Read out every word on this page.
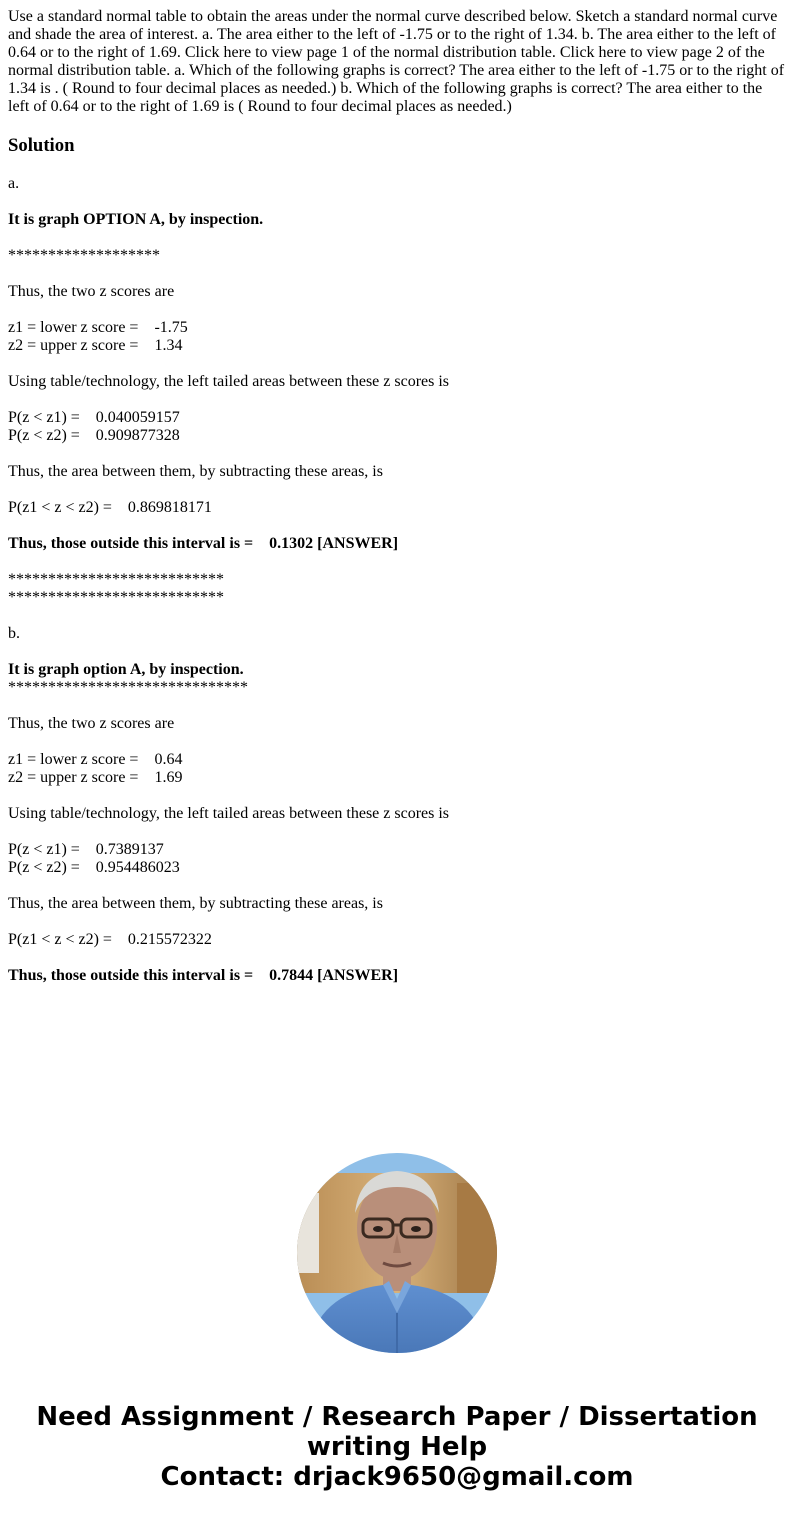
Use a standard normal table to obtain the areas under the normal curve described below. Sketch a standard normal curve and shade the area of interest. a. The area either to the left of -1.75 or to the right of 1.34. b. The area either to the left of 0.64 or to the right of 1.69. Click here to view page 1 of the normal distribution table. Click here to view page 2 of the normal distribution table. a. Which of the following graphs is correct? The area either to the left of -1.75 or to the right of 1.34 is . ( Round to four decimal places as needed.) b. Which of the following graphs is correct? The area either to the left of 0.64 or to the right of 1.69 is ( Round to four decimal places as needed.)

Solution
a.
It is graph OPTION A, by inspection.
*******************
Thus, the two z scores are
z1 = lower z score =    -1.75
z2 = upper z score =    1.34
Using table/technology, the left tailed areas between these z scores is
P(z < z1) =    0.040059157
P(z < z2) =    0.909877328
Thus, the area between them, by subtracting these areas, is
P(z1 < z < z2) =    0.869818171
Thus, those outside this interval is =    0.1302 [ANSWER]
***************************
***************************
b.
It is graph option A, by inspection.
******************************
Thus, the two z scores are
z1 = lower z score =    0.64
z2 = upper z score =    1.69
Using table/technology, the left tailed areas between these z scores is
P(z < z1) =    0.7389137
P(z < z2) =    0.954486023
Thus, the area between them, by subtracting these areas, is
P(z1 < z < z2) =    0.215572322
Thus, those outside this interval is =    0.7844 [ANSWER]
Need Assignment / Research Paper / Dissertation
writing Help
Contact: drjack9650@gmail.com
